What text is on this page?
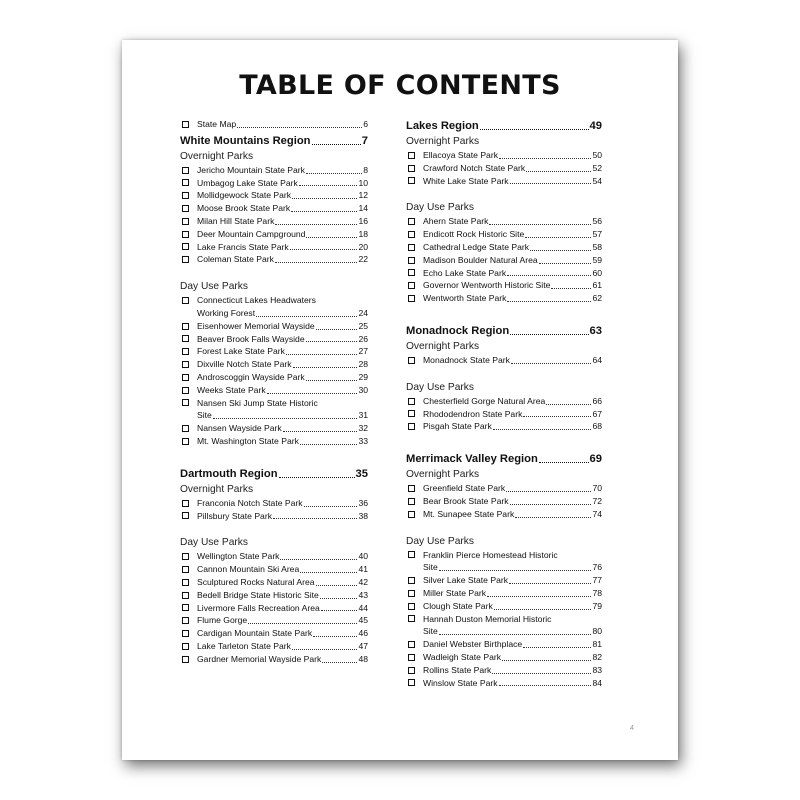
TABLE OF CONTENTS
State Map	6
White Mountains Region	7
Overnight Parks
Jericho Mountain State Park	8
Umbagog Lake State Park	10
Mollidgewock State Park	12
Moose Brook State Park	14
Milan Hill State Park	16
Deer Mountain Campground	18
Lake Francis State Park	20
Coleman State Park	22
Day Use Parks
Connecticut Lakes Headwaters
Working Forest	24
Eisenhower Memorial Wayside	25
Beaver Brook Falls Wayside	26
Forest Lake State Park	27
Dixville Notch State Park	28
Androscoggin Wayside Park	29
Weeks State Park	30
Nansen Ski Jump State Historic
Site	31
Nansen Wayside Park	32
Mt. Washington State Park	33
Dartmouth Region	35
Overnight Parks
Franconia Notch State Park	36
Pillsbury State Park	38
Day Use Parks
Wellington State Park	40
Cannon Mountain Ski Area	41
Sculptured Rocks Natural Area	42
Bedell Bridge State Historic Site	43
Livermore Falls Recreation Area	44
Flume Gorge	45
Cardigan Mountain State Park	46
Lake Tarleton State Park	47
Gardner Memorial Wayside Park	48
Lakes Region	49
Overnight Parks
Ellacoya State Park	50
Crawford Notch State Park	52
White Lake State Park	54
Day Use Parks
Ahern State Park	56
Endicott Rock Historic Site	57
Cathedral Ledge State Park	58
Madison Boulder Natural Area	59
Echo Lake State Park	60
Governor Wentworth Historic Site	61
Wentworth State Park	62
Monadnock Region	63
Overnight Parks
Monadnock State Park	64
Day Use Parks
Chesterfield Gorge Natural Area	66
Rhododendron State Park	67
Pisgah State Park	68
Merrimack Valley Region	69
Overnight Parks
Greenfield State Park	70
Bear Brook State Park	72
Mt. Sunapee State Park	74
Day Use Parks
Franklin Pierce Homestead Historic
Site	76
Silver Lake State Park	77
Miller State Park	78
Clough State Park	79
Hannah Duston Memorial Historic
Site	80
Daniel Webster Birthplace	81
Wadleigh State Park	82
Rollins State Park	83
Winslow State Park	84
4
